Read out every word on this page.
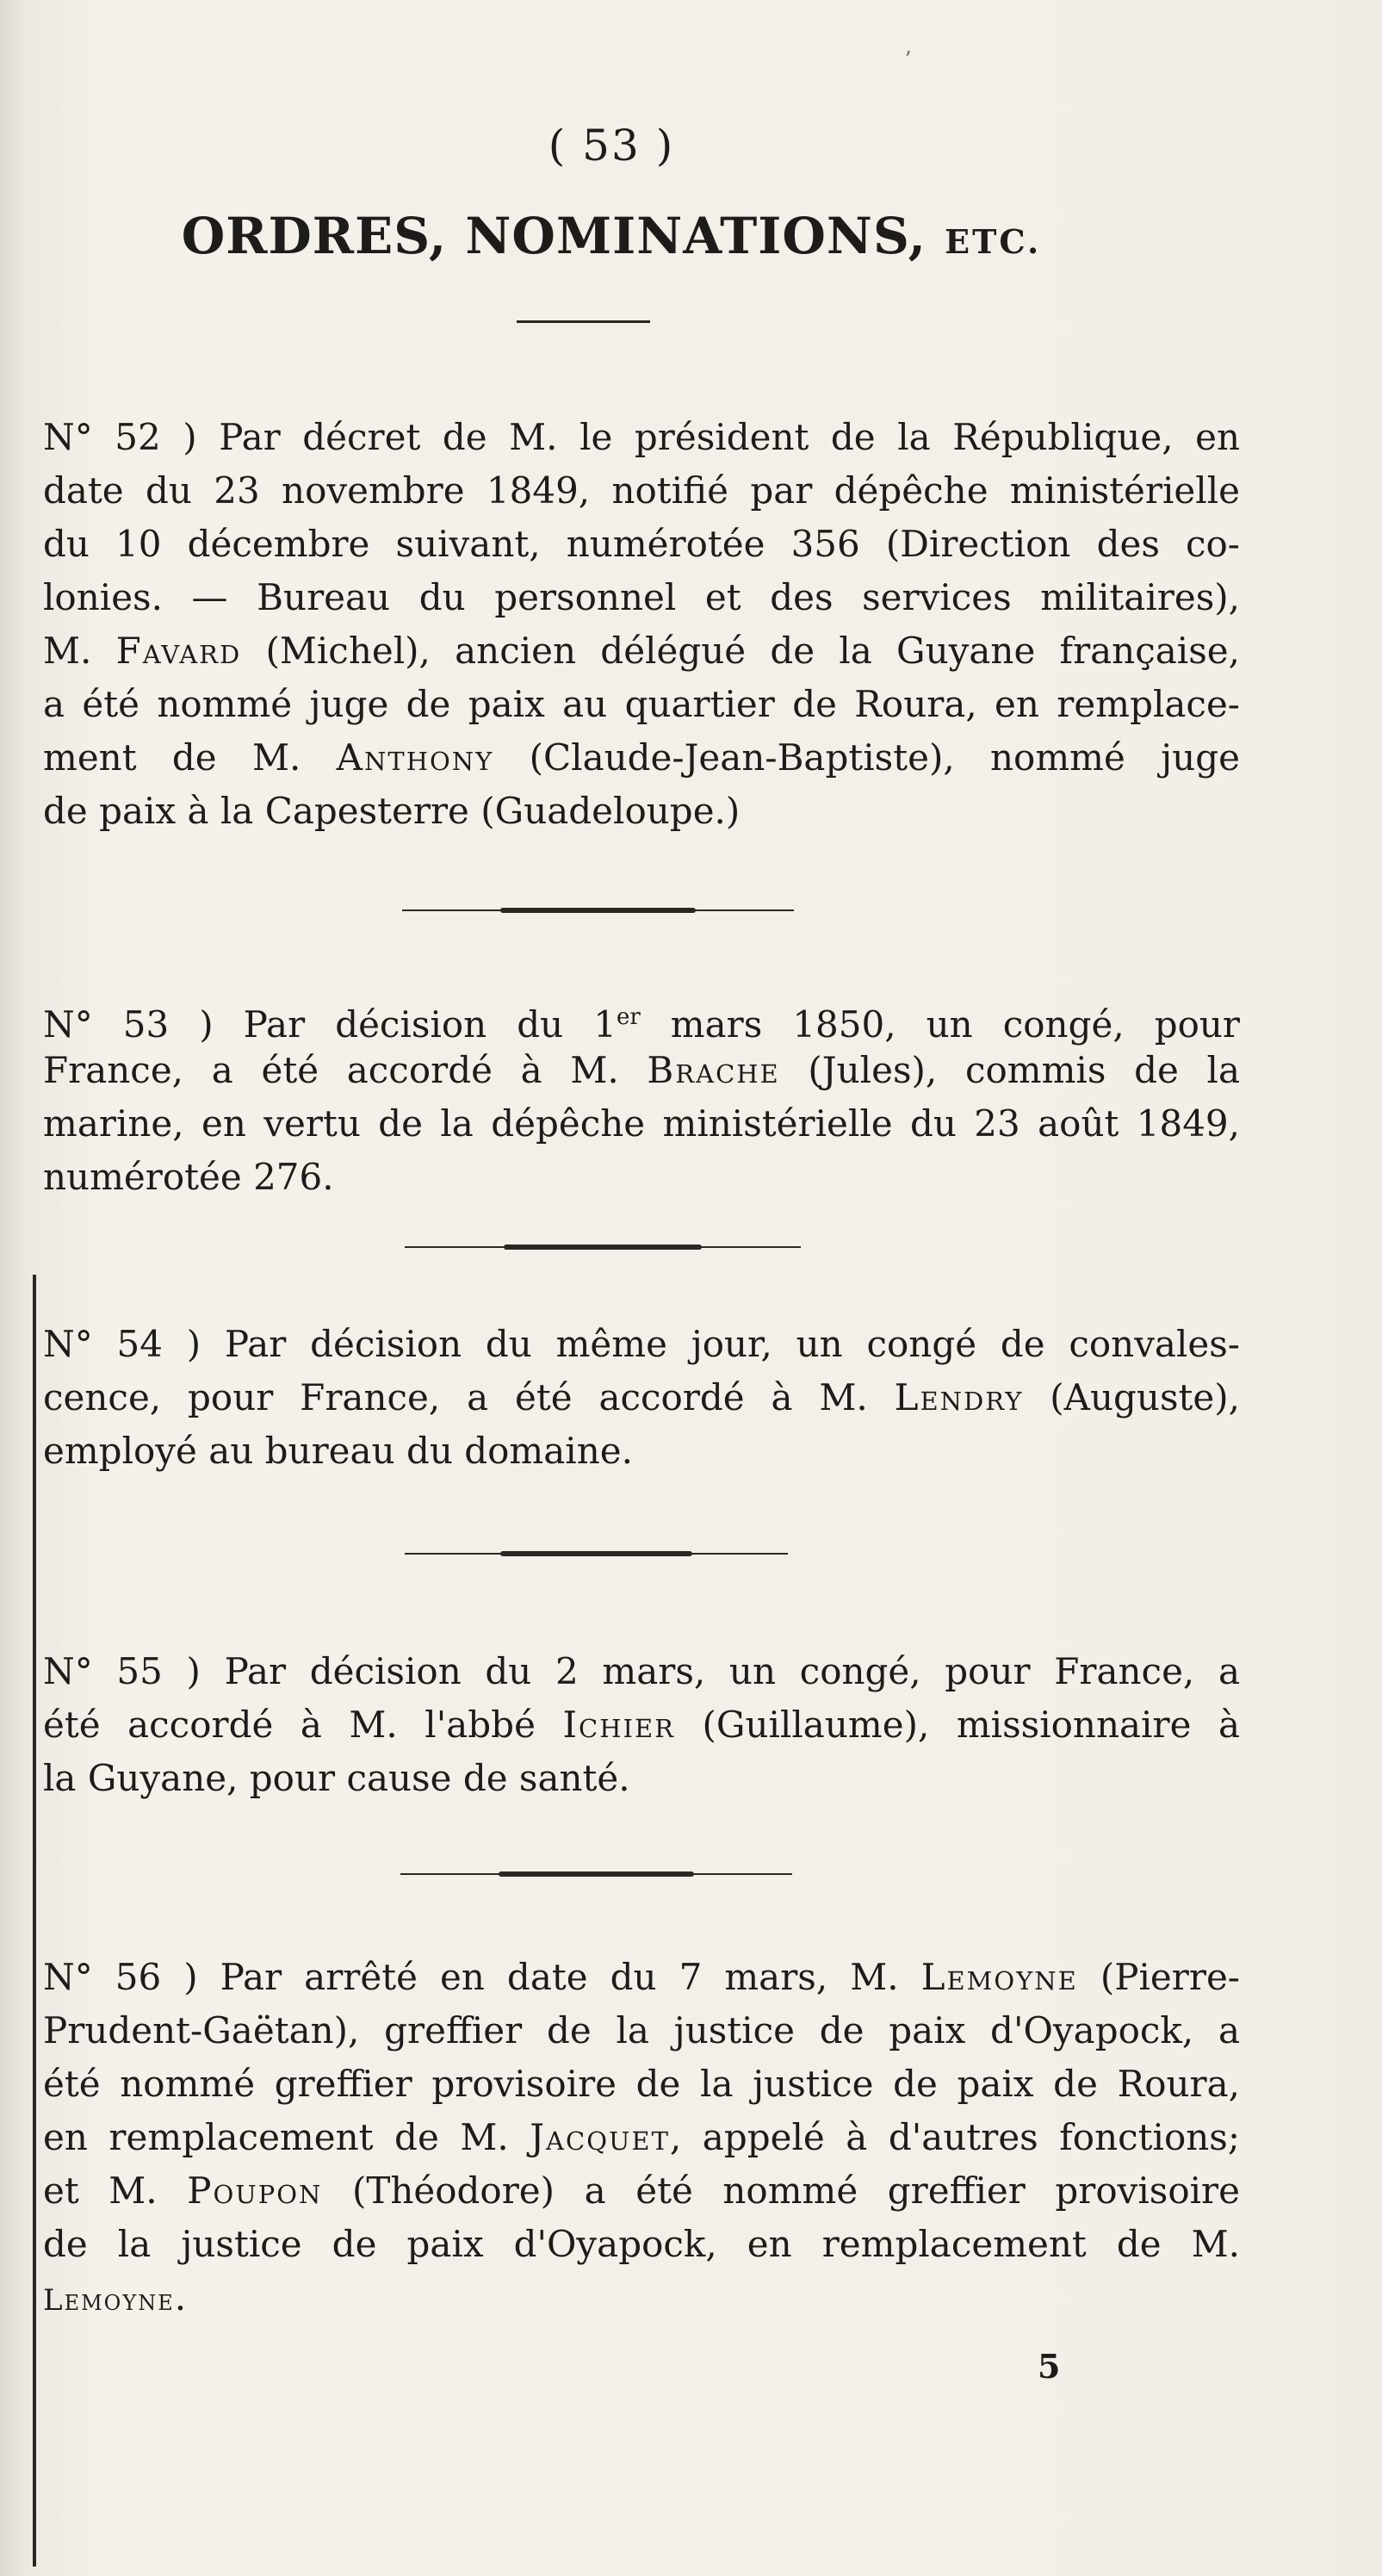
ʼ
( 53 )
ORDRES, NOMINATIONS, ETC.
N° 52 ) Par décret de M. le président de la République, en
date du 23 novembre 1849, notifié par dépêche ministérielle
du 10 décembre suivant, numérotée 356 (Direction des co-
lonies. — Bureau du personnel et des services militaires),
M. Favard (Michel), ancien délégué de la Guyane française,
a été nommé juge de paix au quartier de Roura, en remplace-
ment de M. Anthony (Claude-Jean-Baptiste), nommé juge
de paix à la Capesterre (Guadeloupe.)
N° 53 ) Par décision du 1er mars 1850, un congé, pour
France, a été accordé à M. Brache (Jules), commis de la
marine, en vertu de la dépêche ministérielle du 23 août 1849,
numérotée 276.
N° 54 ) Par décision du même jour, un congé de convales-
cence, pour France, a été accordé à M. Lendry (Auguste),
employé au bureau du domaine.
N° 55 ) Par décision du 2 mars, un congé, pour France, a
été accordé à M. l'abbé Ichier (Guillaume), missionnaire à
la Guyane, pour cause de santé.
N° 56 ) Par arrêté en date du 7 mars, M. Lemoyne (Pierre-
Prudent-Gaëtan), greffier de la justice de paix d'Oyapock, a
été nommé greffier provisoire de la justice de paix de Roura,
en remplacement de M. Jacquet, appelé à d'autres fonctions;
et M. Poupon (Théodore) a été nommé greffier provisoire
de la justice de paix d'Oyapock, en remplacement de M.
Lemoyne.
5
